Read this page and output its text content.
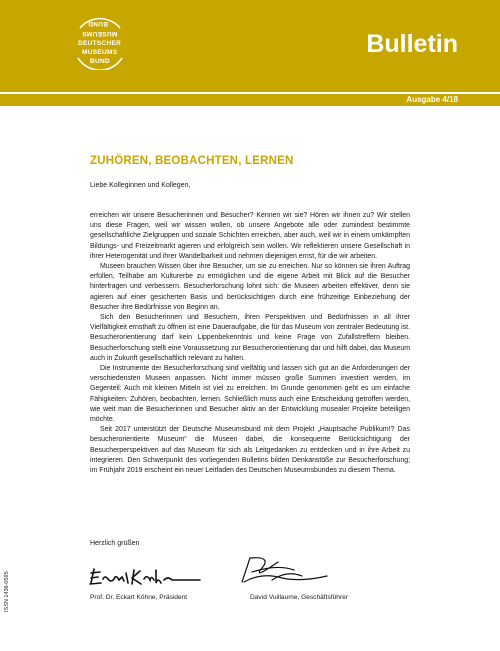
BUND
MUSEUMS
DEUTSCHER
MUSEUMS
BUND
Bulletin
Ausgabe 4/18
ZUHÖREN, BEOBACHTEN, LERNEN
Liebe Kolleginnen und Kollegen,

erreichen wir unsere Besucherinnen und Besucher? Kennen wir sie? Hören wir ihnen zu? Wir stellen uns diese Fragen, weil wir wissen wollen, ob unsere Angebote alle oder zumindest bestimmte gesellschaftliche Zielgruppen und soziale Schichten erreichen, aber auch, weil wir in einem umkämpften Bildungs- und Freizeitmarkt agieren und erfolgreich sein wollen. Wir reflektieren unsere Gesellschaft in ihrer Heterogenität und ihrer Wandelbarkeit und nehmen diejenigen ernst, für die wir arbeiten.

Museen brauchen Wissen über ihre Besucher, um sie zu erreichen. Nur so können sie ihren Auftrag erfüllen, Teilhabe am Kulturerbe zu ermöglichen und die eigene Arbeit mit Blick auf die Besucher hinterfragen und verbessern. Besucherforschung lohnt sich: die Museen arbeiten effektiver, denn sie agieren auf einer gesicherten Basis und berücksichtigen durch eine frühzeitige Einbeziehung der Besucher ihre Bedürfnisse von Beginn an.

Sich den Besucherinnen und Besuchern, ihren Perspektiven und Bedürfnissen in all ihrer Vielfältigkeit ernsthaft zu öffnen ist eine Daueraufgabe, die für das Museum von zentraler Bedeutung ist. Besucherorientierung darf kein Lippenbekenntnis und keine Frage von Zufallstreffern bleiben. Besucherforschung stellt eine Voraussetzung zur Besucherorientierung dar und hilft dabei, das Museum auch in Zukunft gesellschaftlich relevant zu halten.

Die Instrumente der Besucherforschung sind vielfältig und lassen sich gut an die Anforderungen der verschiedensten Museen anpassen. Nicht immer müssen große Summen investiert werden, im Gegenteil: Auch mit kleinen Mitteln ist viel zu erreichen. Im Grunde genommen geht es um einfache Fähigkeiten: Zuhören, beobachten, lernen. Schließlich muss auch eine Entscheidung getroffen werden, wie weit man die Besucherinnen und Besucher aktiv an der Entwicklung musealer Projekte beteiligen möchte.

Seit 2017 unterstützt der Deutsche Museumsbund mit dem Projekt „Hauptsache Publikum!? Das besucherorientierte Museum“ die Museen dabei, die konsequente Berücksichtigung der Besucherperspektiven auf das Museum für sich als Leitgedanken zu entdecken und in ihre Arbeit zu integrieren. Den Schwerpunkt des vorliegenden Bulletins bilden Denkanstöße zur Besucherforschung; im Frühjahr 2019 erscheint ein neuer Leitfaden des Deutschen Museumsbundes zu diesem Thema.

Herzlich grüßen
Prof. Dr. Eckart Köhne, Präsident	David Vuillaume, Geschäftsführer
ISSN 1438-0595
